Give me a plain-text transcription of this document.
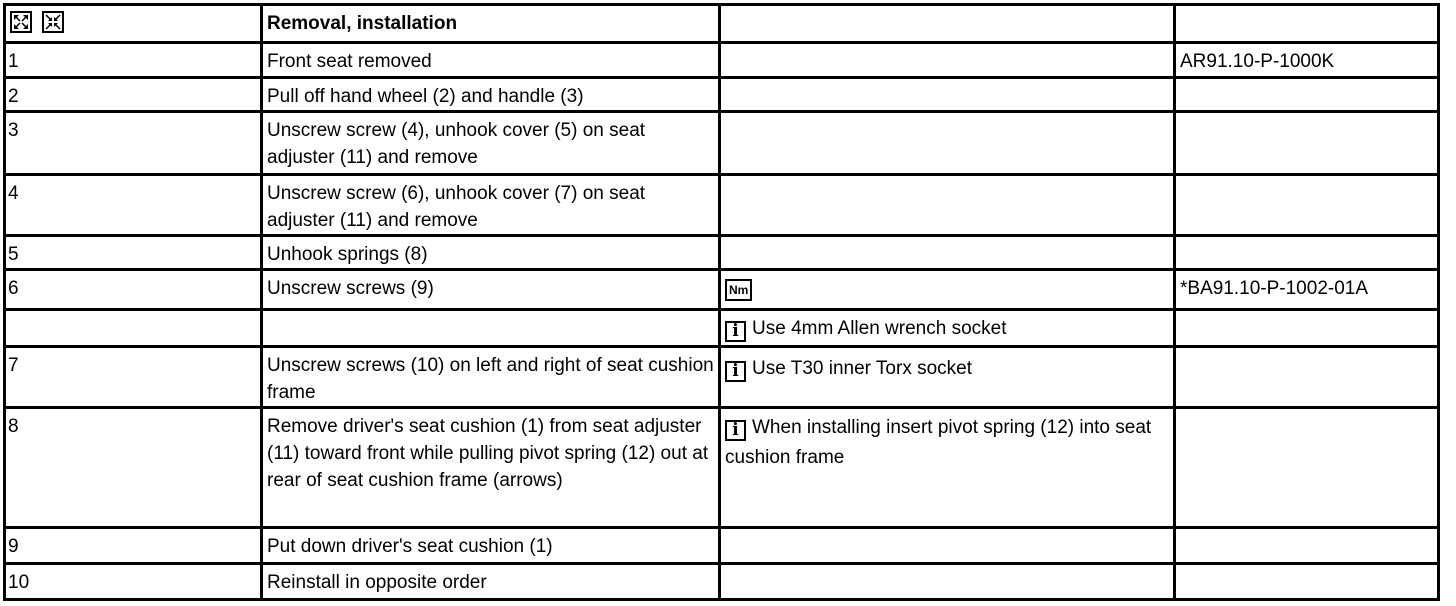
	Removal, installation		
1	Front seat removed		AR91.10-P-1000K
2	Pull off hand wheel (2) and handle (3)		
3	Unscrew screw (4), unhook cover (5) on seat adjuster (11) and remove		
4	Unscrew screw (6), unhook cover (7) on seat adjuster (11) and remove		
5	Unhook springs (8)		
6	Unscrew screws (9)	Nm	*BA91.10-P-1002-01A
		i Use 4mm Allen wrench socket	
7	Unscrew screws (10) on left and right of seat cushion frame	i Use T30 inner Torx socket	
8	Remove driver's seat cushion (1) from seat adjuster (11) toward front while pulling pivot spring (12) out at rear of seat cushion frame (arrows)	i When installing insert pivot spring (12) into seat cushion frame	
9	Put down driver's seat cushion (1)		
10	Reinstall in opposite order		
